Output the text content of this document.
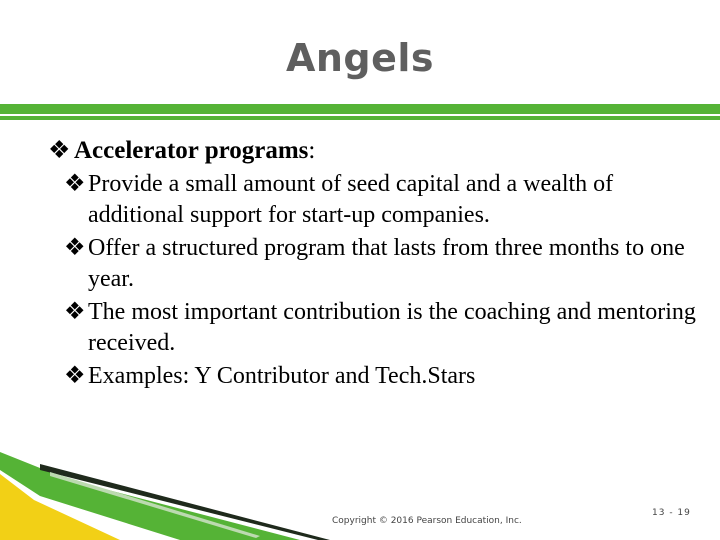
Angels
❖ Accelerator programs:
❖ Provide a small amount of seed capital and a wealth of additional support for start-up companies.
❖ Offer a structured program that lasts from three months to one year.
❖ The most important contribution is the coaching and mentoring received.
❖ Examples: Y Contributor and Tech.Stars
Copyright © 2016 Pearson Education, Inc.
13 - 19
